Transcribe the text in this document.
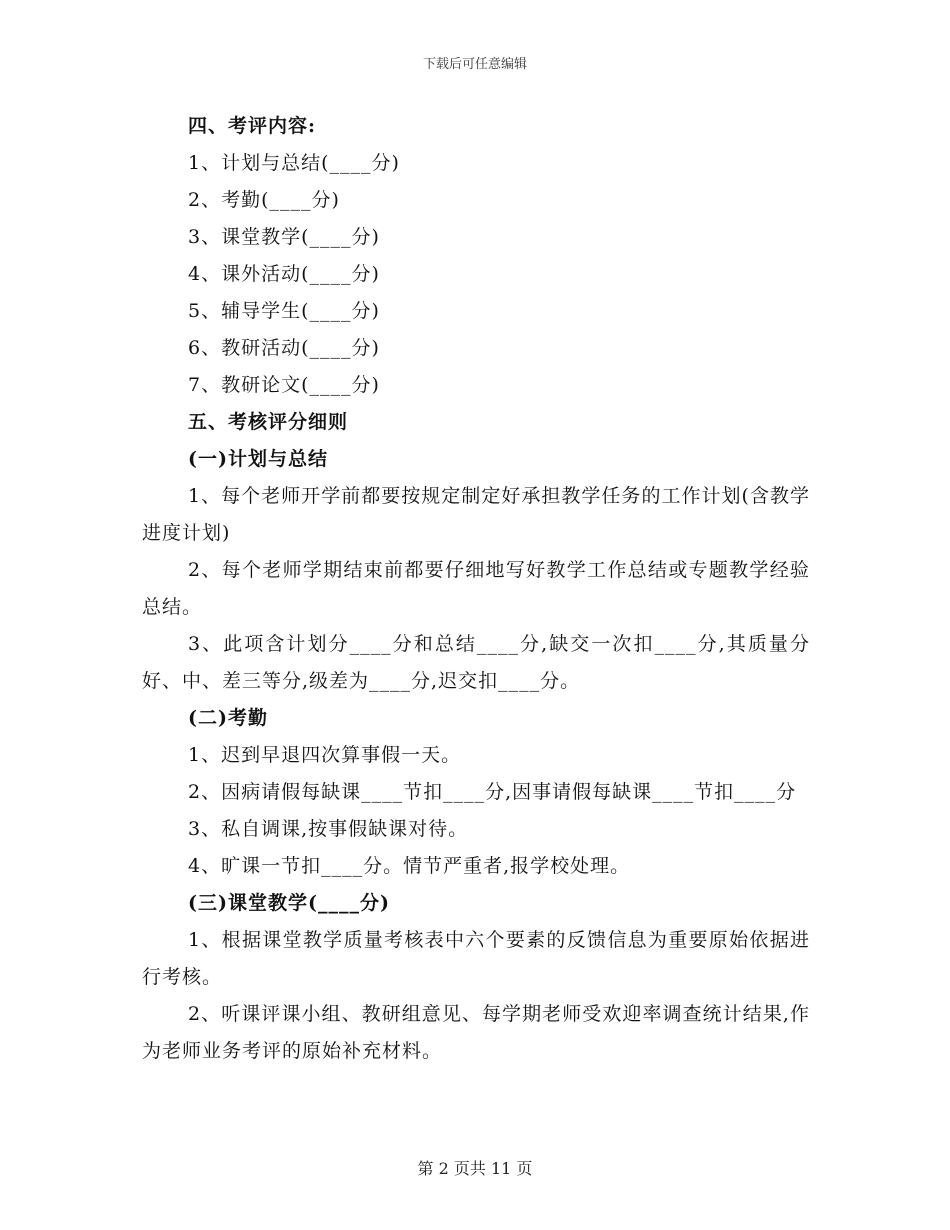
下载后可任意编辑

四、考评内容:

1、计划与总结(____分)

2、考勤(____分)

3、课堂教学(____分)

4、课外活动(____分)

5、辅导学生(____分)

6、教研活动(____分)

7、教研论文(____分)

五、考核评分细则

(一)计划与总结

1、每个老师开学前都要按规定制定好承担教学任务的工作计划(含教学进度计划)

2、每个老师学期结束前都要仔细地写好教学工作总结或专题教学经验总结。

3、此项含计划分____分和总结____分,缺交一次扣____分,其质量分好、中、差三等分,级差为____分,迟交扣____分。

(二)考勤

1、迟到早退四次算事假一天。

2、因病请假每缺课____节扣____分,因事请假每缺课____节扣____分

3、私自调课,按事假缺课对待。

4、旷课一节扣____分。情节严重者,报学校处理。

(三)课堂教学(____分)

1、根据课堂教学质量考核表中六个要素的反馈信息为重要原始依据进行考核。

2、听课评课小组、教研组意见、每学期老师受欢迎率调查统计结果,作为老师业务考评的原始补充材料。

第 2 页共 11 页
